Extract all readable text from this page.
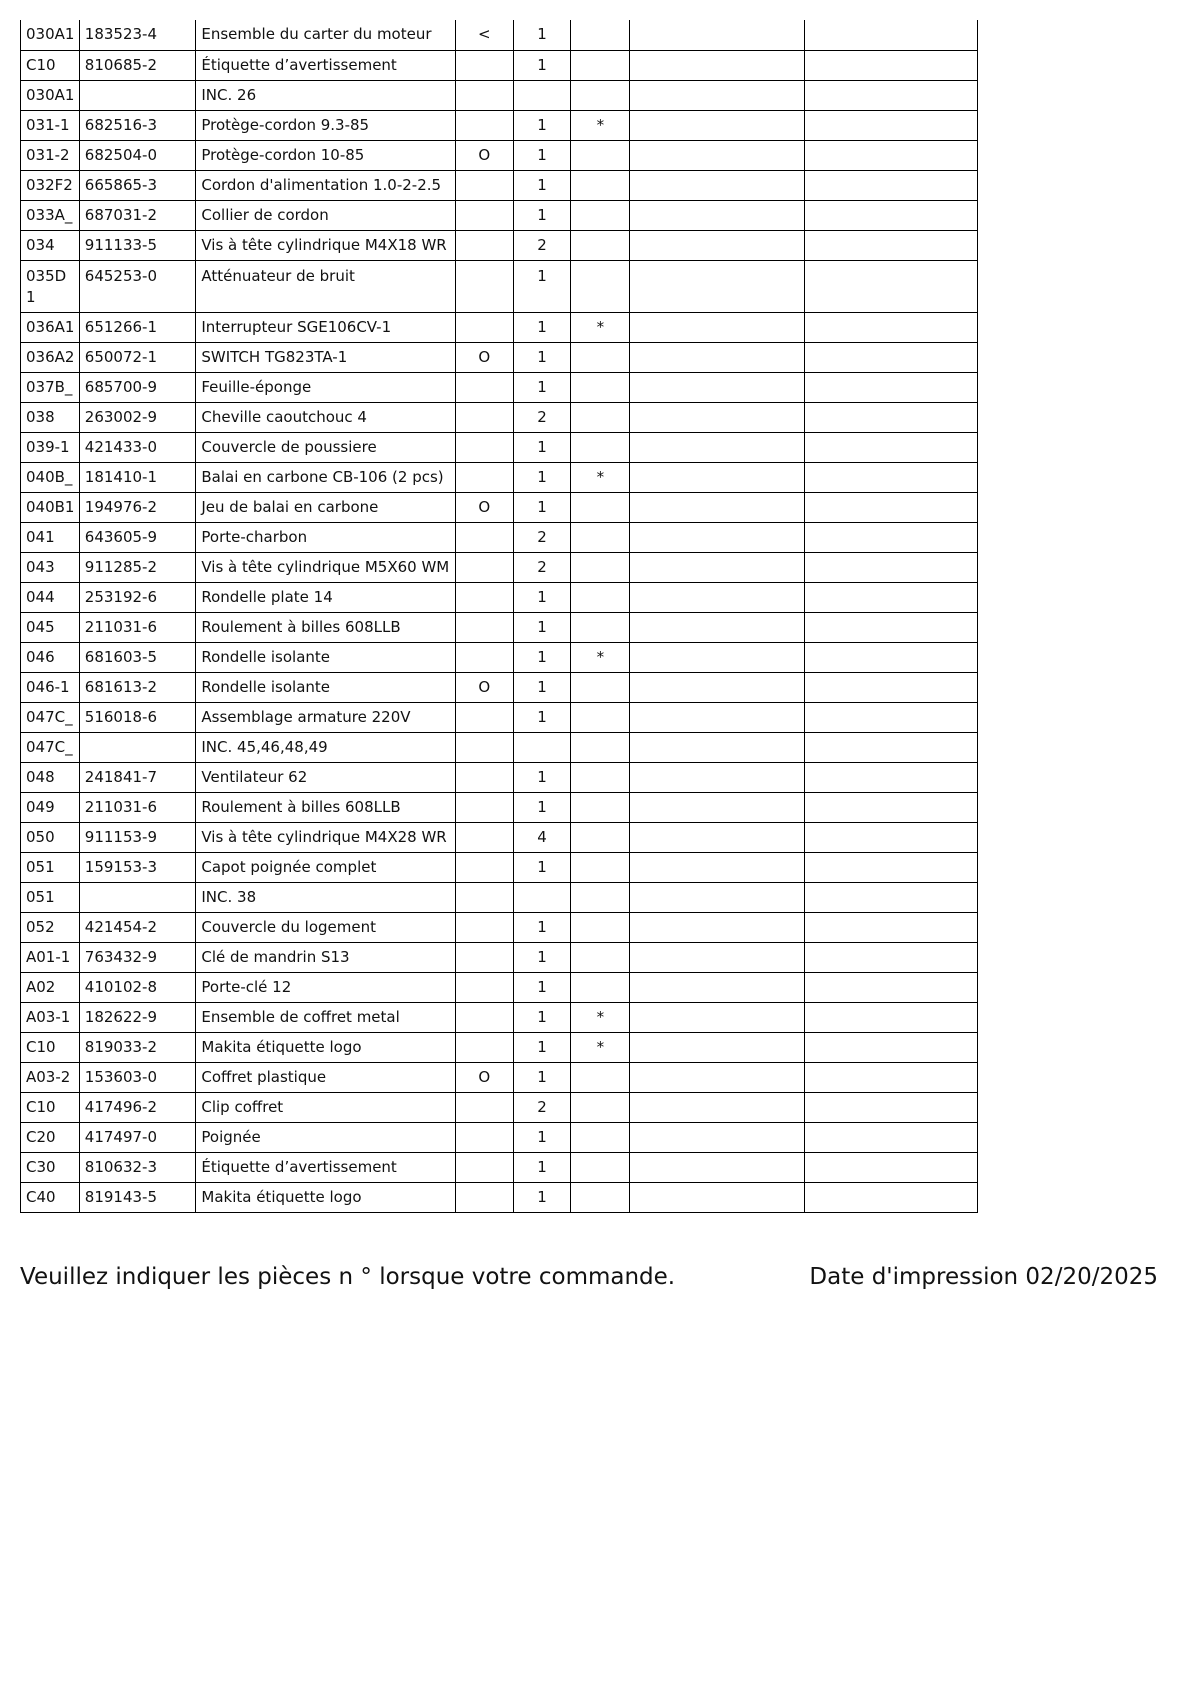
030A1	183523-4	Ensemble du carter du moteur	<	1			
C10	810685-2	Étiquette d’avertissement		1			
030A1		INC. 26					
031-1	682516-3	Protège-cordon 9.3-85		1	*		
031-2	682504-0	Protège-cordon 10-85	O	1			
032F2	665865-3	Cordon d'alimentation 1.0-2-2.5		1			
033A_	687031-2	Collier de cordon		1			
034	911133-5	Vis à tête cylindrique M4X18 WR		2			
035D1	645253-0	Atténuateur de bruit		1			
036A1	651266-1	Interrupteur SGE106CV-1		1	*		
036A2	650072-1	SWITCH TG823TA-1	O	1			
037B_	685700-9	Feuille-éponge		1			
038	263002-9	Cheville caoutchouc 4		2			
039-1	421433-0	Couvercle de poussiere		1			
040B_	181410-1	Balai en carbone CB-106 (2 pcs)		1	*		
040B1	194976-2	Jeu de balai en carbone	O	1			
041	643605-9	Porte-charbon		2			
043	911285-2	Vis à tête cylindrique M5X60 WM		2			
044	253192-6	Rondelle plate 14		1			
045	211031-6	Roulement à billes 608LLB		1			
046	681603-5	Rondelle isolante		1	*		
046-1	681613-2	Rondelle isolante	O	1			
047C_	516018-6	Assemblage armature 220V		1			
047C_		INC. 45,46,48,49					
048	241841-7	Ventilateur 62		1			
049	211031-6	Roulement à billes 608LLB		1			
050	911153-9	Vis à tête cylindrique M4X28 WR		4			
051	159153-3	Capot poignée complet		1			
051		INC. 38					
052	421454-2	Couvercle du logement		1			
A01-1	763432-9	Clé de mandrin S13		1			
A02	410102-8	Porte-clé 12		1			
A03-1	182622-9	Ensemble de coffret metal		1	*		
C10	819033-2	Makita étiquette logo		1	*		
A03-2	153603-0	Coffret plastique	O	1			
C10	417496-2	Clip coffret		2			
C20	417497-0	Poignée		1			
C30	810632-3	Étiquette d’avertissement		1			
C40	819143-5	Makita étiquette logo		1			
Veuillez indiquer les pièces n ° lorsque votre commande.	Date d'impression 02/20/2025
